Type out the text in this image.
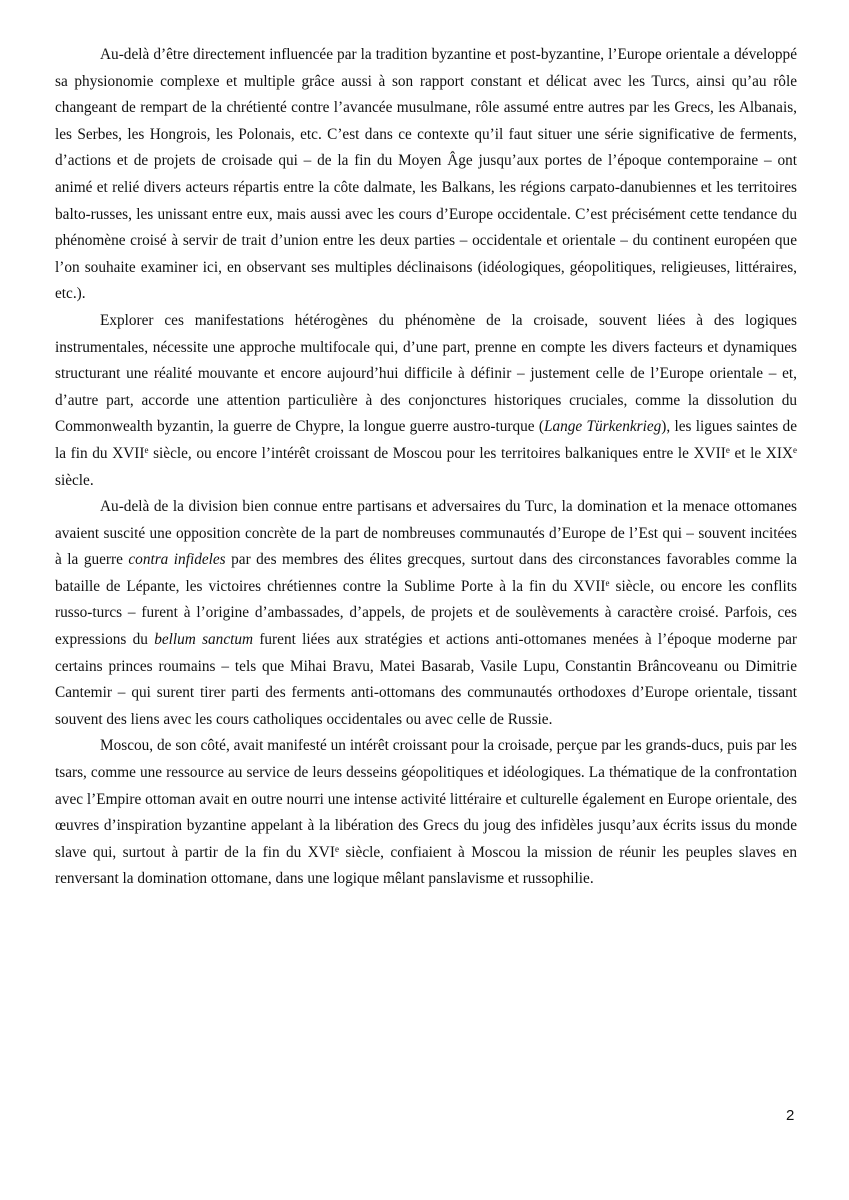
Au-delà d’être directement influencée par la tradition byzantine et post-byzantine, l’Europe orientale a développé sa physionomie complexe et multiple grâce aussi à son rapport constant et délicat avec les Turcs, ainsi qu’au rôle changeant de rempart de la chrétienté contre l’avancée musulmane, rôle assumé entre autres par les Grecs, les Albanais, les Serbes, les Hongrois, les Polonais, etc. C’est dans ce contexte qu’il faut situer une série significative de ferments, d’actions et de projets de croisade qui – de la fin du Moyen Âge jusqu’aux portes de l’époque contemporaine – ont animé et relié divers acteurs répartis entre la côte dalmate, les Balkans, les régions carpato-danubiennes et les territoires balto-russes, les unissant entre eux, mais aussi avec les cours d’Europe occidentale. C’est précisément cette tendance du phénomène croisé à servir de trait d’union entre les deux parties – occidentale et orientale – du continent européen que l’on souhaite examiner ici, en observant ses multiples déclinaisons (idéologiques, géopolitiques, religieuses, littéraires, etc.).

Explorer ces manifestations hétérogènes du phénomène de la croisade, souvent liées à des logiques instrumentales, nécessite une approche multifocale qui, d’une part, prenne en compte les divers facteurs et dynamiques structurant une réalité mouvante et encore aujourd’hui difficile à définir – justement celle de l’Europe orientale – et, d’autre part, accorde une attention particulière à des conjonctures historiques cruciales, comme la dissolution du Commonwealth byzantin, la guerre de Chypre, la longue guerre austro-turque (Lange Türkenkrieg), les ligues saintes de la fin du XVIIe siècle, ou encore l’intérêt croissant de Moscou pour les territoires balkaniques entre le XVIIe et le XIXe siècle.

Au-delà de la division bien connue entre partisans et adversaires du Turc, la domination et la menace ottomanes avaient suscité une opposition concrète de la part de nombreuses communautés d’Europe de l’Est qui – souvent incitées à la guerre contra infideles par des membres des élites grecques, surtout dans des circonstances favorables comme la bataille de Lépante, les victoires chrétiennes contre la Sublime Porte à la fin du XVIIe siècle, ou encore les conflits russo-turcs – furent à l’origine d’ambassades, d’appels, de projets et de soulèvements à caractère croisé. Parfois, ces expressions du bellum sanctum furent liées aux stratégies et actions anti-ottomanes menées à l’époque moderne par certains princes roumains – tels que Mihai Bravu, Matei Basarab, Vasile Lupu, Constantin Brâncoveanu ou Dimitrie Cantemir – qui surent tirer parti des ferments anti-ottomans des communautés orthodoxes d’Europe orientale, tissant souvent des liens avec les cours catholiques occidentales ou avec celle de Russie.

Moscou, de son côté, avait manifesté un intérêt croissant pour la croisade, perçue par les grands-ducs, puis par les tsars, comme une ressource au service de leurs desseins géopolitiques et idéologiques. La thématique de la confrontation avec l’Empire ottoman avait en outre nourri une intense activité littéraire et culturelle également en Europe orientale, des œuvres d’inspiration byzantine appelant à la libération des Grecs du joug des infidèles jusqu’aux écrits issus du monde slave qui, surtout à partir de la fin du XVIe siècle, confiaient à Moscou la mission de réunir les peuples slaves en renversant la domination ottomane, dans une logique mêlant panslavisme et russophilie.

2
